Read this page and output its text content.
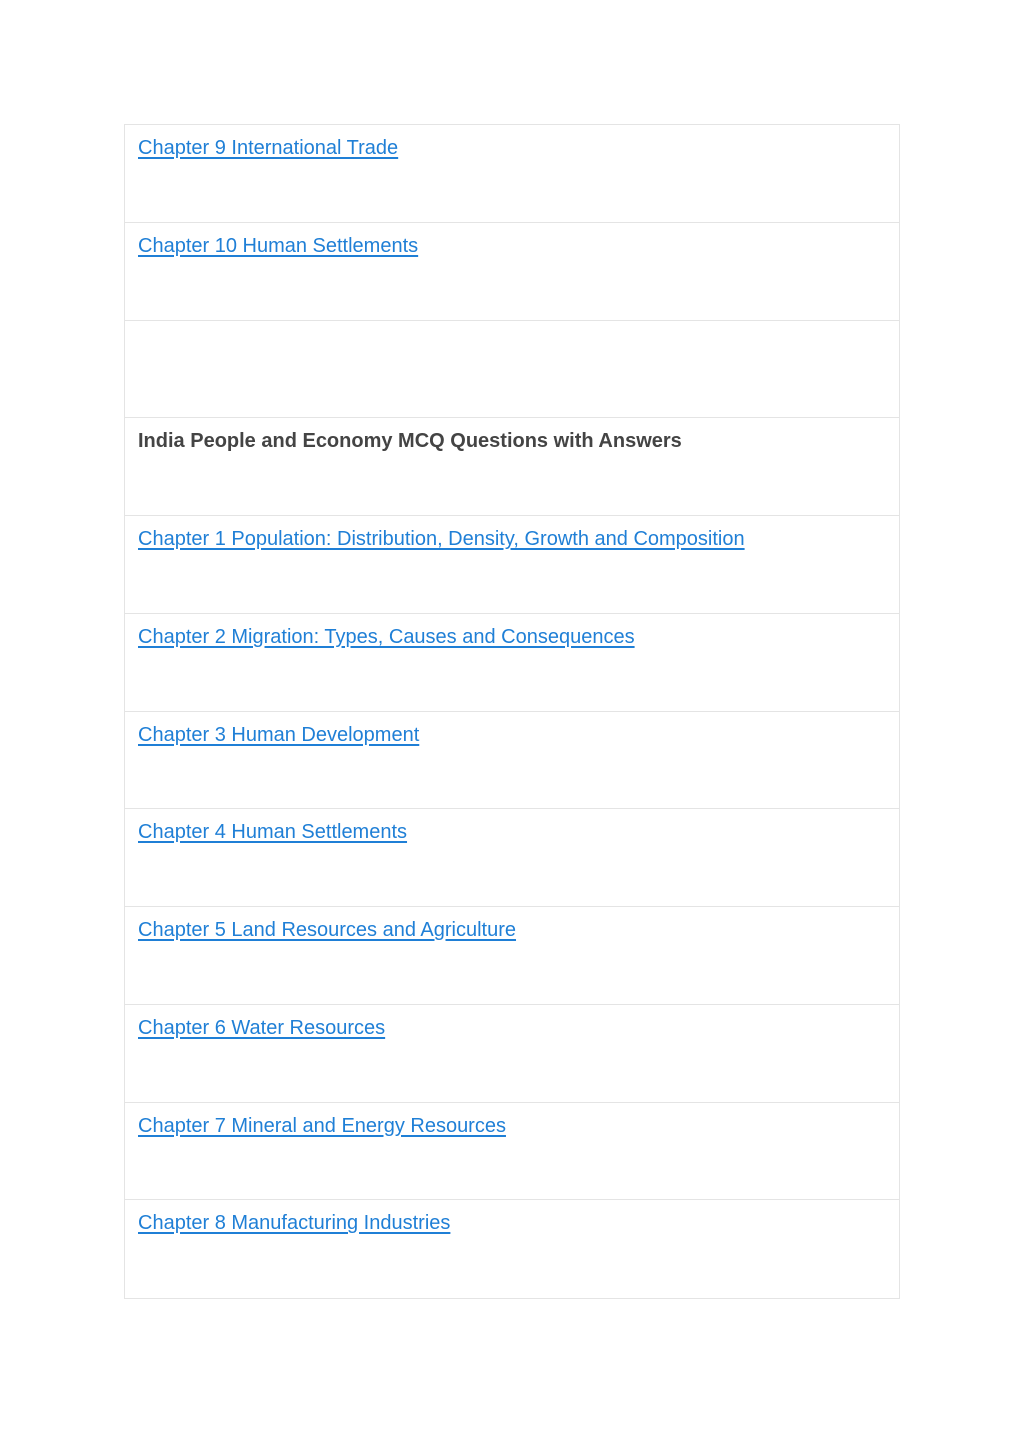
Chapter 9 International Trade
Chapter 10 Human Settlements
India People and Economy MCQ Questions with Answers
Chapter 1 Population: Distribution, Density, Growth and Composition
Chapter 2 Migration: Types, Causes and Consequences
Chapter 3 Human Development
Chapter 4 Human Settlements
Chapter 5 Land Resources and Agriculture
Chapter 6 Water Resources
Chapter 7 Mineral and Energy Resources
Chapter 8 Manufacturing Industries
